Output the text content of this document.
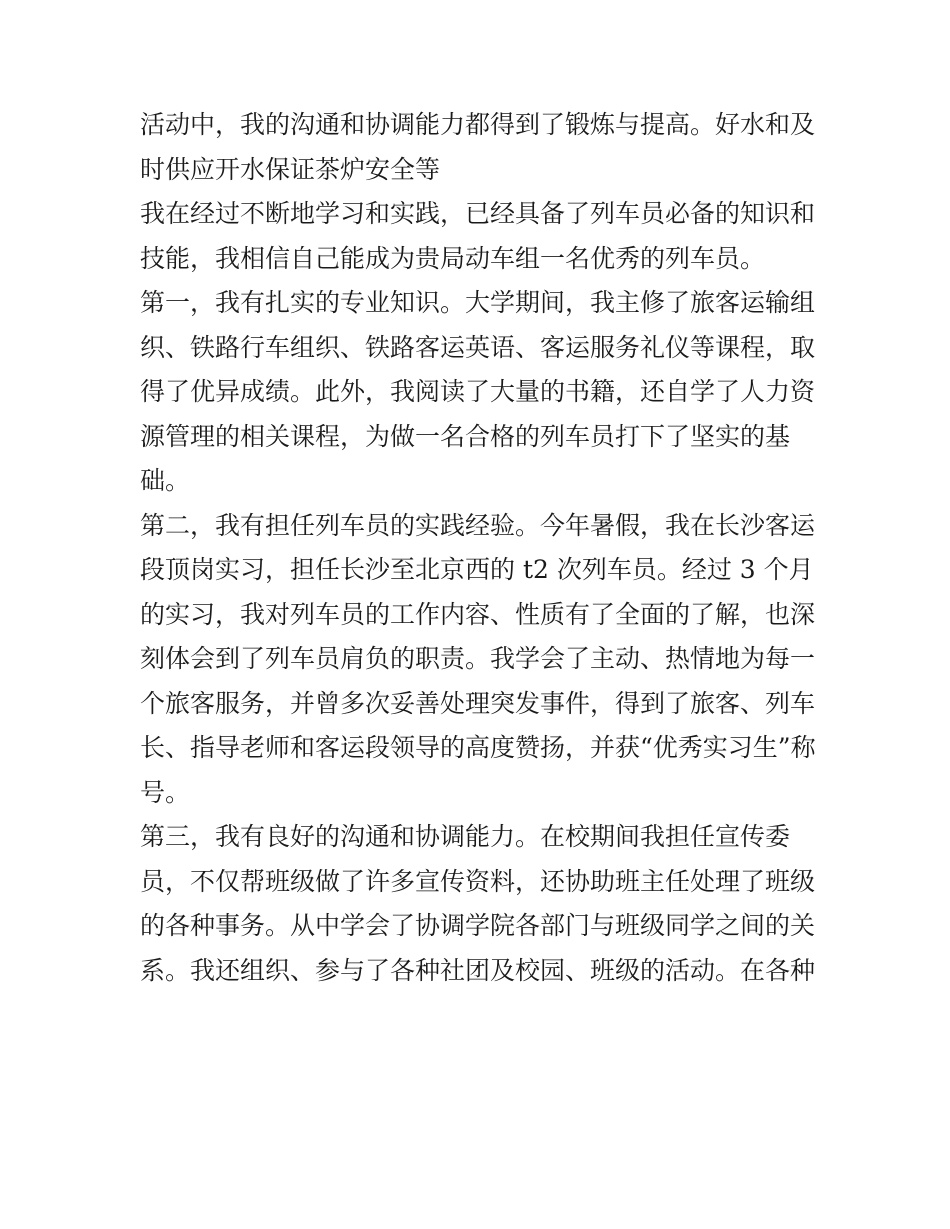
活动中，我的沟通和协调能力都得到了锻炼与提高。好水和及
时供应开水保证茶炉安全等
我在经过不断地学习和实践，已经具备了列车员必备的知识和
技能，我相信自己能成为贵局动车组一名优秀的列车员。
第一，我有扎实的专业知识。大学期间，我主修了旅客运输组
织、铁路行车组织、铁路客运英语、客运服务礼仪等课程，取
得了优异成绩。此外，我阅读了大量的书籍，还自学了人力资
源管理的相关课程，为做一名合格的列车员打下了坚实的基
础。
第二，我有担任列车员的实践经验。今年暑假，我在长沙客运
段顶岗实习，担任长沙至北京西的 t2 次列车员。经过 3 个月
的实习，我对列车员的工作内容、性质有了全面的了解，也深
刻体会到了列车员肩负的职责。我学会了主动、热情地为每一
个旅客服务，并曾多次妥善处理突发事件，得到了旅客、列车
长、指导老师和客运段领导的高度赞扬，并获“优秀实习生”称
号。
第三，我有良好的沟通和协调能力。在校期间我担任宣传委
员，不仅帮班级做了许多宣传资料，还协助班主任处理了班级
的各种事务。从中学会了协调学院各部门与班级同学之间的关
系。我还组织、参与了各种社团及校园、班级的活动。在各种
